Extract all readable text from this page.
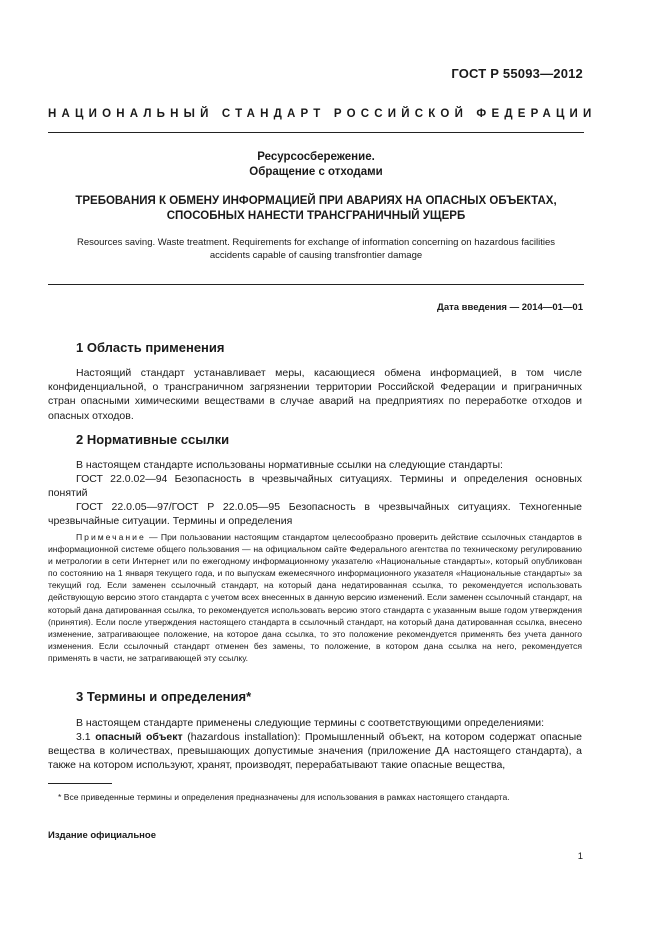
ГОСТ Р 55093—2012
НАЦИОНАЛЬНЫЙ СТАНДАРТ РОССИЙСКОЙ ФЕДЕРАЦИИ
Ресурсосбережение.
Обращение с отходами
ТРЕБОВАНИЯ К ОБМЕНУ ИНФОРМАЦИЕЙ ПРИ АВАРИЯХ НА ОПАСНЫХ ОБЪЕКТАХ,
СПОСОБНЫХ НАНЕСТИ ТРАНСГРАНИЧНЫЙ УЩЕРБ
Resources saving. Waste treatment. Requirements for exchange of information concerning on hazardous facilities
accidents capable of causing transfrontier damage
Дата введения — 2014—01—01
1 Область применения

Настоящий стандарт устанавливает меры, касающиеся обмена информацией, в том числе конфиденциальной, о трансграничном загрязнении территории Российской Федерации и приграничных стран опасными химическими веществами в случае аварий на предприятиях по переработке отходов и опасных отходов.

2 Нормативные ссылки

В настоящем стандарте использованы нормативные ссылки на следующие стандарты:

ГОСТ 22.0.02—94 Безопасность в чрезвычайных ситуациях. Термины и определения основных понятий

ГОСТ 22.0.05—97/ГОСТ Р 22.0.05—95 Безопасность в чрезвычайных ситуациях. Техногенные чрезвычайные ситуации. Термины и определения

Примечание — При пользовании настоящим стандартом целесообразно проверить действие ссылочных стандартов в информационной системе общего пользования — на официальном сайте Федерального агентства по техническому регулированию и метрологии в сети Интернет или по ежегодному информационному указателю «Национальные стандарты», который опубликован по состоянию на 1 января текущего года, и по выпускам ежемесячного информационного указателя «Национальные стандарты» за текущий год. Если заменен ссылочный стандарт, на который дана недатированная ссылка, то рекомендуется использовать действующую версию этого стандарта с учетом всех внесенных в данную версию изменений. Если заменен ссылочный стандарт, на который дана датированная ссылка, то рекомендуется использовать версию этого стандарта с указанным выше годом утверждения (принятия). Если после утверждения настоящего стандарта в ссылочный стандарт, на который дана датированная ссылка, внесено изменение, затрагивающее положение, на которое дана ссылка, то это положение рекомендуется применять без учета данного изменения. Если ссылочный стандарт отменен без замены, то положение, в котором дана ссылка на него, рекомендуется применять в части, не затрагивающей эту ссылку.

3 Термины и определения*

В настоящем стандарте применены следующие термины с соответствующими определениями:

3.1 опасный объект (hazardous installation): Промышленный объект, на котором содержат опасные вещества в количествах, превышающих допустимые значения (приложение ДА настоящего стандарта), а также на котором используют, хранят, производят, перерабатывают такие опасные вещества,

* Все приведенные термины и определения предназначены для использования в рамках настоящего стандарта.

Издание официальное
1
